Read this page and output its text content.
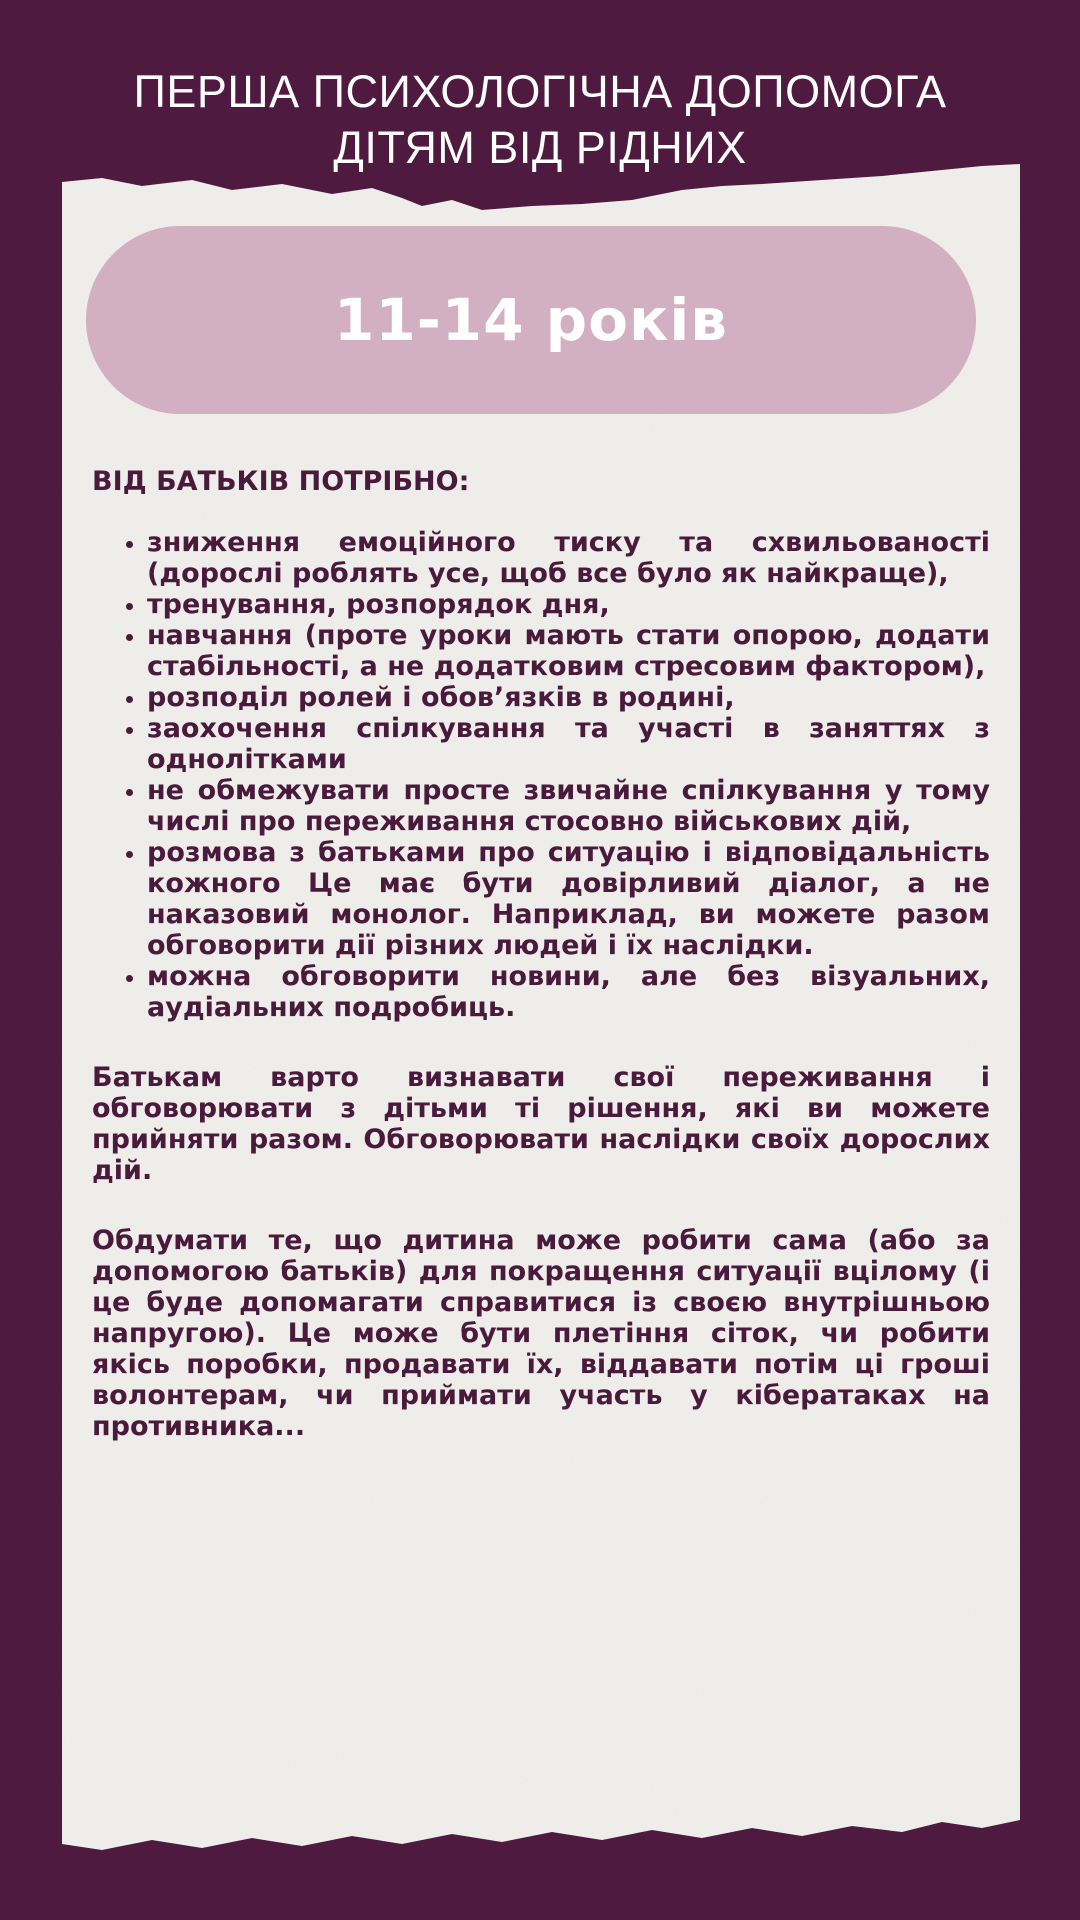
ПЕРША ПСИХОЛОГІЧНА ДОПОМОГА
ДІТЯМ ВІД РІДНИХ
11-14 років
ВІД БАТЬКІВ ПОТРІБНО:
• зниження емоційного тиску та схвильованості (дорослі роблять усе, щоб все було як найкраще),
• тренування, розпорядок дня,
• навчання (проте уроки мають стати опорою, додати стабільності, а не додатковим стресовим фактором),
• розподіл ролей і обов’язків в родині,
• заохочення спілкування та участі в заняттях з однолітками
• не обмежувати просте звичайне спілкування у тому числі про переживання стосовно військових дій,
• розмова з батьками про ситуацію і відповідальність кожного Це має бути довірливий діалог, а не наказовий монолог. Наприклад, ви можете разом обговорити дії різних людей і їх наслідки.
• можна обговорити новини, але без візуальних, аудіальних подробиць.

Батькам варто визнавати свої переживання і обговорювати з дітьми ті рішення, які ви можете прийняти разом. Обговорювати наслідки своїх дорослих дій.

Обдумати те, що дитина може робити сама (або за допомогою батьків) для покращення ситуації вцілому (і це буде допомагати справитися із своєю внутрішньою напругою). Це може бути плетіння сіток, чи робити якісь поробки, продавати їх, віддавати потім ці гроші волонтерам, чи приймати участь у кібератаках на противника...
